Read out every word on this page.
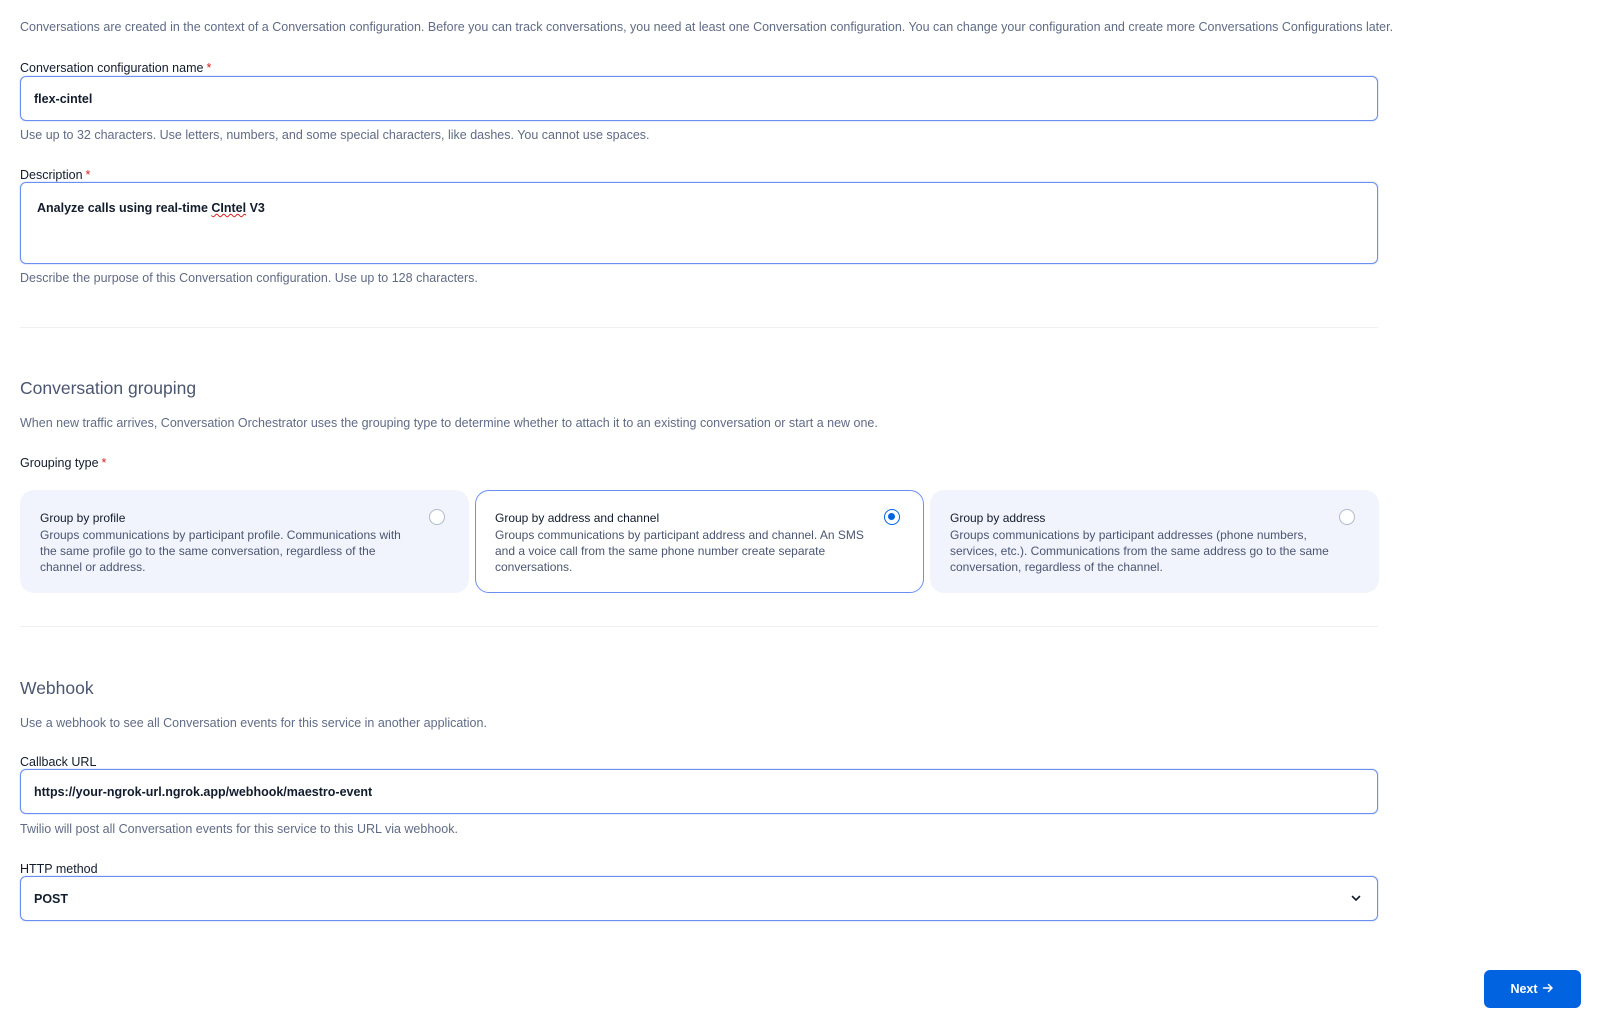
Conversations are created in the context of a Conversation configuration. Before you can track conversations, you need at least one Conversation configuration. You can change your configuration and create more Conversations Configurations later.
Conversation configuration name *
flex-cintel
Use up to 32 characters. Use letters, numbers, and some special characters, like dashes. You cannot use spaces.
Description *
Analyze calls using real-time CIntel V3
Describe the purpose of this Conversation configuration. Use up to 128 characters.
Conversation grouping
When new traffic arrives, Conversation Orchestrator uses the grouping type to determine whether to attach it to an existing conversation or start a new one.
Grouping type *
Group by profile
Groups communications by participant profile. Communications with the same profile go to the same conversation, regardless of the channel or address.
Group by address and channel
Groups communications by participant address and channel. An SMS and a voice call from the same phone number create separate conversations.
Group by address
Groups communications by participant addresses (phone numbers, services, etc.). Communications from the same address go to the same conversation, regardless of the channel.
Webhook
Use a webhook to see all Conversation events for this service in another application.
Callback URL
https://your-ngrok-url.ngrok.app/webhook/maestro-event
Twilio will post all Conversation events for this service to this URL via webhook.
HTTP method
POST
Next
